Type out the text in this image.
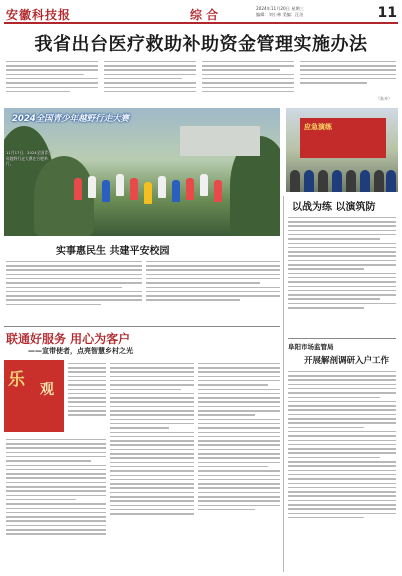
安徽科技报	综 合	2024年11月20日 星期三
编辑：刘小林 美编：汪洁	11
我省出台医疗救助补助资金管理实施办法
（朱卉）
2024全国青少年越野行走大赛
11月17日，2024全国青少年越野行走大赛在合肥举行。
应急演练
以战为练 以演筑防
阜阳市场监管局
开展解剖调研入户工作
实事惠民生 共建平安校园
联通好服务 用心为客户
——宣带使者，点亮智慧乡村之光
乐 观
